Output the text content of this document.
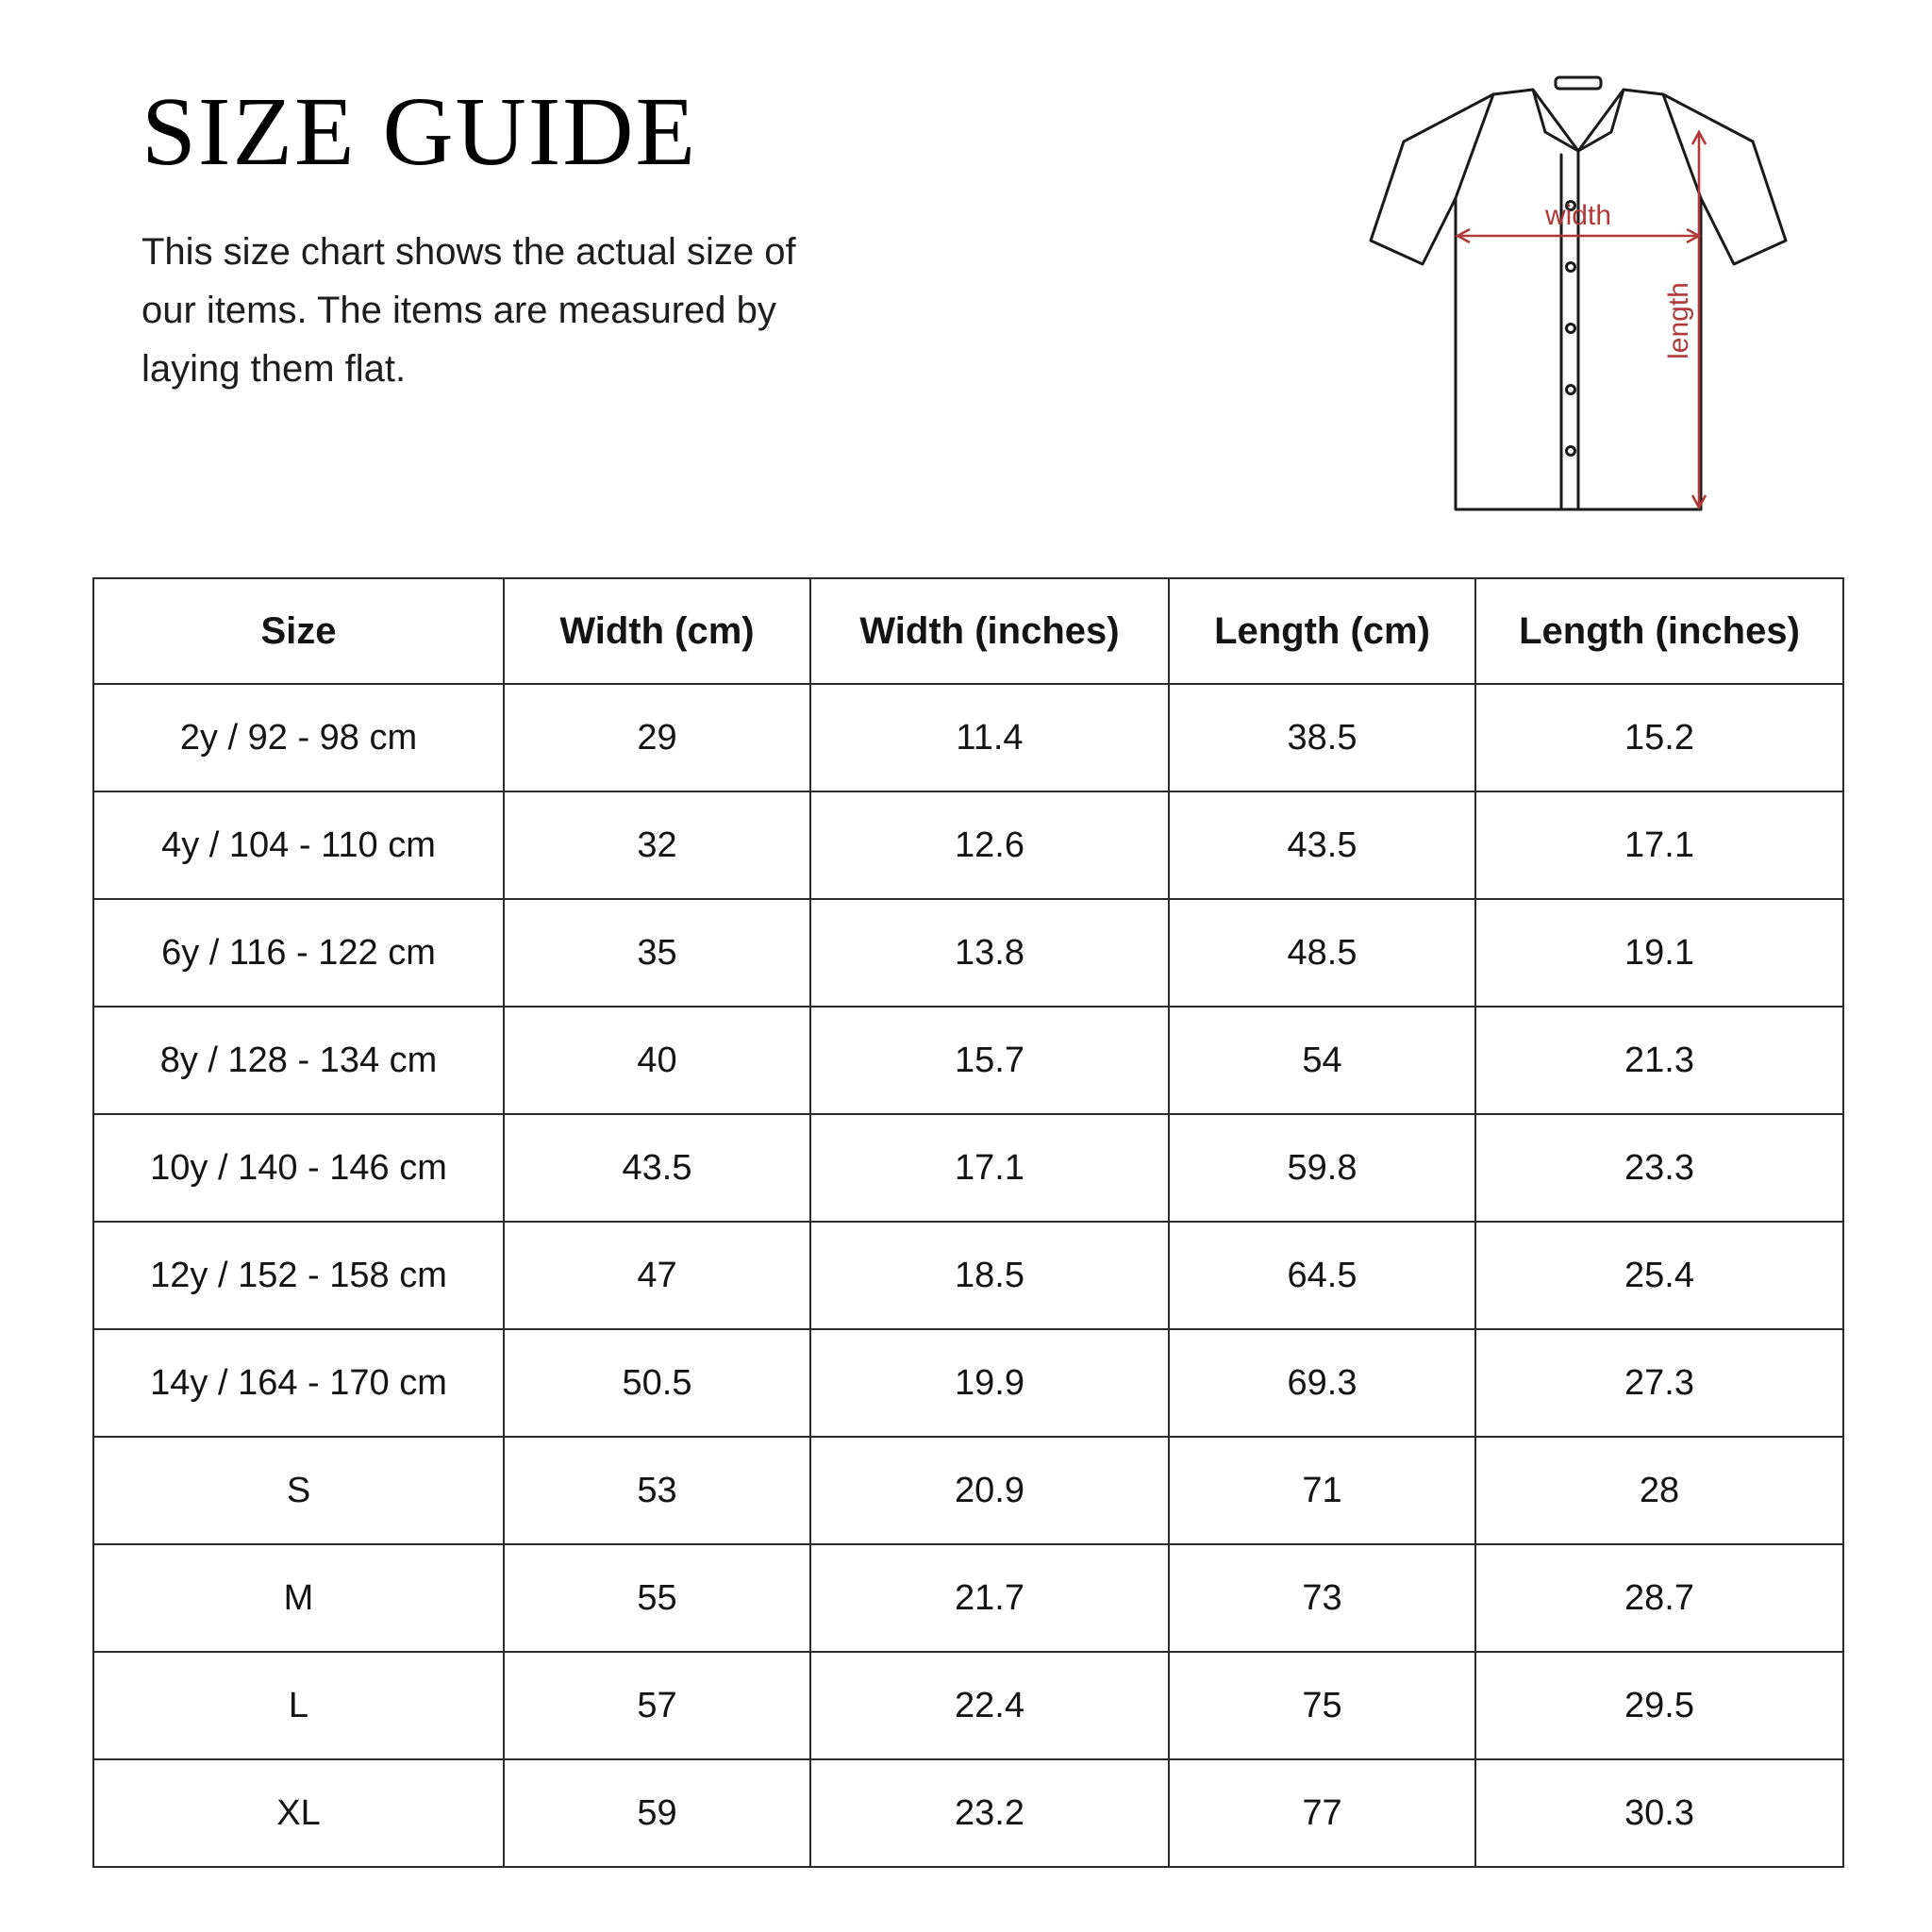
SIZE GUIDE

This size chart shows the actual size of our items. The items are measured by laying them flat.

width
length
Size	Width (cm)	Width (inches)	Length (cm)	Length (inches)
2y / 92 - 98 cm	29	11.4	38.5	15.2
4y / 104 - 110 cm	32	12.6	43.5	17.1
6y / 116 - 122 cm	35	13.8	48.5	19.1
8y / 128 - 134 cm	40	15.7	54	21.3
10y / 140 - 146 cm	43.5	17.1	59.8	23.3
12y / 152 - 158 cm	47	18.5	64.5	25.4
14y / 164 - 170 cm	50.5	19.9	69.3	27.3
S	53	20.9	71	28
M	55	21.7	73	28.7
L	57	22.4	75	29.5
XL	59	23.2	77	30.3
